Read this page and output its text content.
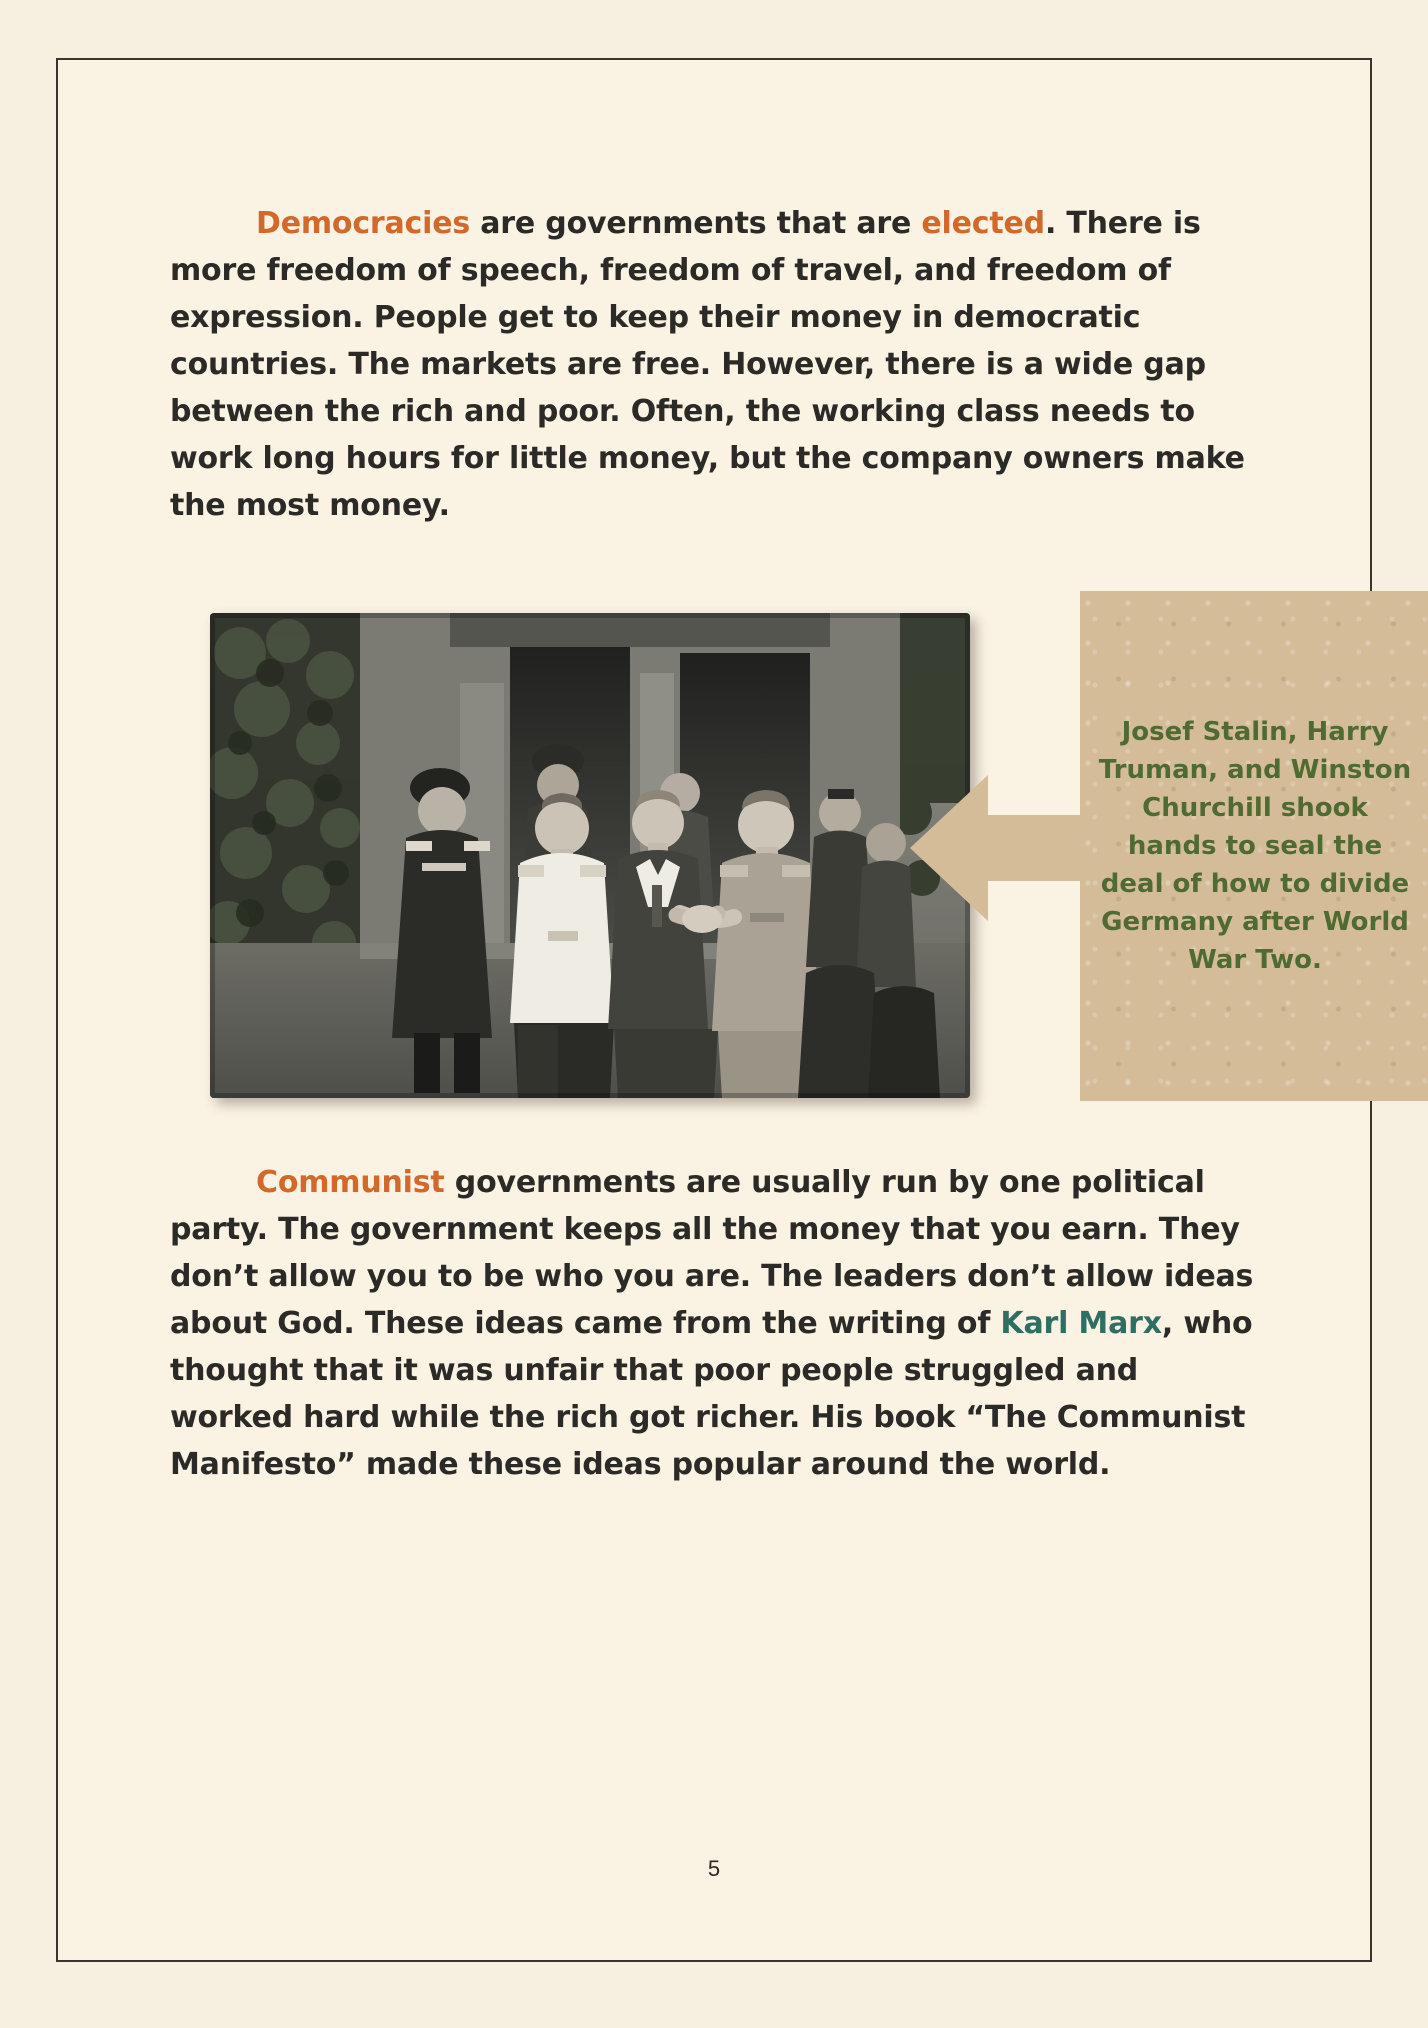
Democracies are governments that are elected. There is more freedom of speech, freedom of travel, and freedom of expression. People get to keep their money in democratic countries. The markets are free. However, there is a wide gap between the rich and poor. Often, the working class needs to work long hours for little money, but the company owners make the most money.

Josef Stalin, Harry Truman, and Winston Churchill shook hands to seal the deal of how to divide Germany after World War Two.

Communist governments are usually run by one political party. The government keeps all the money that you earn. They don’t allow you to be who you are. The leaders don’t allow ideas about God. These ideas came from the writing of Karl Marx, who thought that it was unfair that poor people struggled and worked hard while the rich got richer. His book “The Communist Manifesto” made these ideas popular around the world.

5
